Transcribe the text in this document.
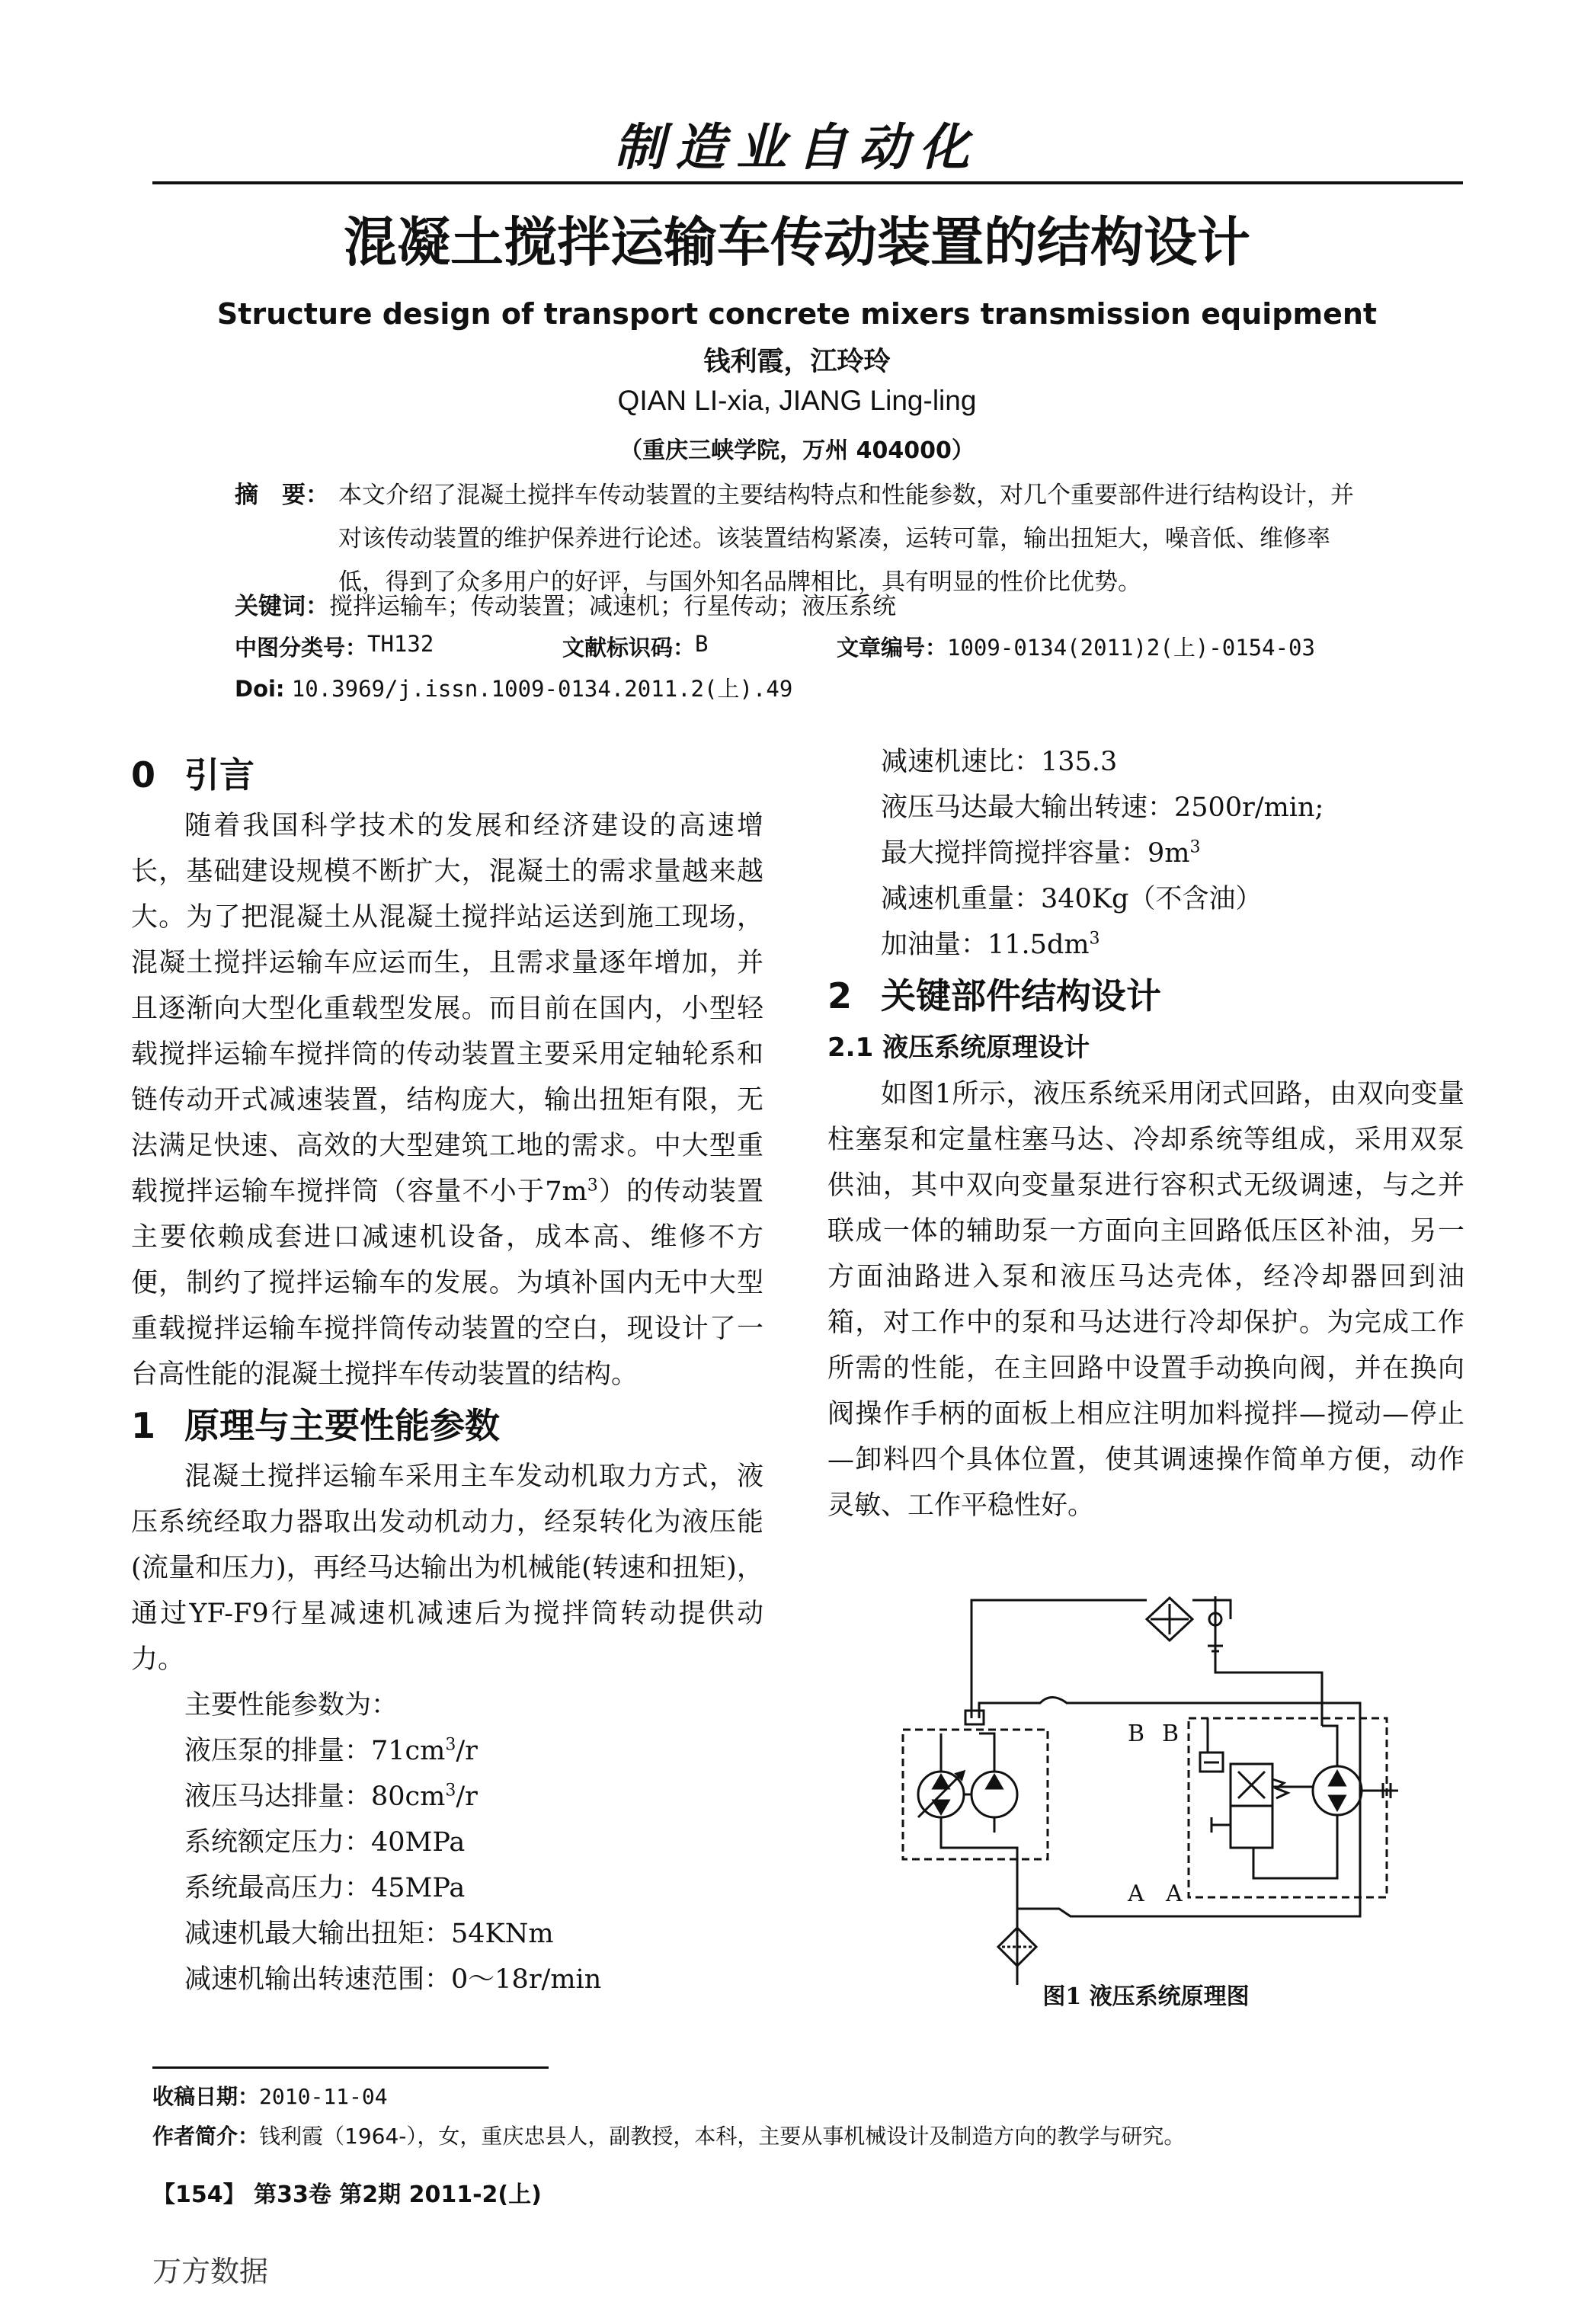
制造业自动化
混凝土搅拌运输车传动装置的结构设计
Structure design of transport concrete mixers transmission equipment
钱利霞，江玲玲
QIAN LI-xia, JIANG Ling-ling
（重庆三峡学院，万州 404000）
摘　要： 本文介绍了混凝土搅拌车传动装置的主要结构特点和性能参数，对几个重要部件进行结构设计，并对该传动装置的维护保养进行论述。该装置结构紧凑，运转可靠，输出扭矩大，噪音低、维修率低，得到了众多用户的好评，与国外知名品牌相比，具有明显的性价比优势。
关键词：搅拌运输车；传动装置；减速机；行星传动；液压系统
中图分类号： TH132	文献标识码： B	文章编号： 1009-0134(2011)2(上)-0154-03
Doi: 10.3969/j.issn.1009-0134.2011.2(上).49
0 引言

随着我国科学技术的发展和经济建设的高速增长，基础建设规模不断扩大，混凝土的需求量越来越大。为了把混凝土从混凝土搅拌站运送到施工现场，混凝土搅拌运输车应运而生，且需求量逐年增加，并且逐渐向大型化重载型发展。而目前在国内，小型轻载搅拌运输车搅拌筒的传动装置主要采用定轴轮系和链传动开式减速装置，结构庞大，输出扭矩有限，无法满足快速、高效的大型建筑工地的需求。中大型重载搅拌运输车搅拌筒（容量不小于$7m^3$）的传动装置主要依赖成套进口减速机设备，成本高、维修不方便，制约了搅拌运输车的发展。为填补国内无中大型重载搅拌运输车搅拌筒传动装置的空白，现设计了一台高性能的混凝土搅拌车传动装置的结构。

1 原理与主要性能参数

混凝土搅拌运输车采用主车发动机取力方式，液压系统经取力器取出发动机动力，经泵转化为液压能(流量和压力)，再经马达输出为机械能(转速和扭矩)，通过YF-F9行星减速机减速后为搅拌筒转动提供动力。

主要性能参数为：

液压泵的排量：$71cm^3/r$

液压马达排量：$80cm^3/r$

系统额定压力：40MPa

系统最高压力：45MPa

减速机最大输出扭矩：54KNm

减速机输出转速范围：0～18r/min

减速机速比：135.3

液压马达最大输出转速：2500r/min;

最大搅拌筒搅拌容量：$9m^3$

减速机重量：340Kg（不含油）

加油量：$11.5dm^3$

2 关键部件结构设计
2.1 液压系统原理设计

如图1所示，液压系统采用闭式回路，由双向变量柱塞泵和定量柱塞马达、冷却系统等组成，采用双泵供油，其中双向变量泵进行容积式无级调速，与之并联成一体的辅助泵一方面向主回路低压区补油，另一方面油路进入泵和液压马达壳体，经冷却器回到油箱，对工作中的泵和马达进行冷却保护。为完成工作所需的性能，在主回路中设置手动换向阀，并在换向阀操作手柄的面板上相应注明加料搅拌—搅动—停止—卸料四个具体位置，使其调速操作简单方便，动作灵敏、工作平稳性好。

B B
A A
图1 液压系统原理图
收稿日期：2010-11-04
作者简介：钱利霞（1964-），女，重庆忠县人，副教授，本科，主要从事机械设计及制造方向的教学与研究。
【154】 第33卷 第2期 2011-2(上)
万方数据
